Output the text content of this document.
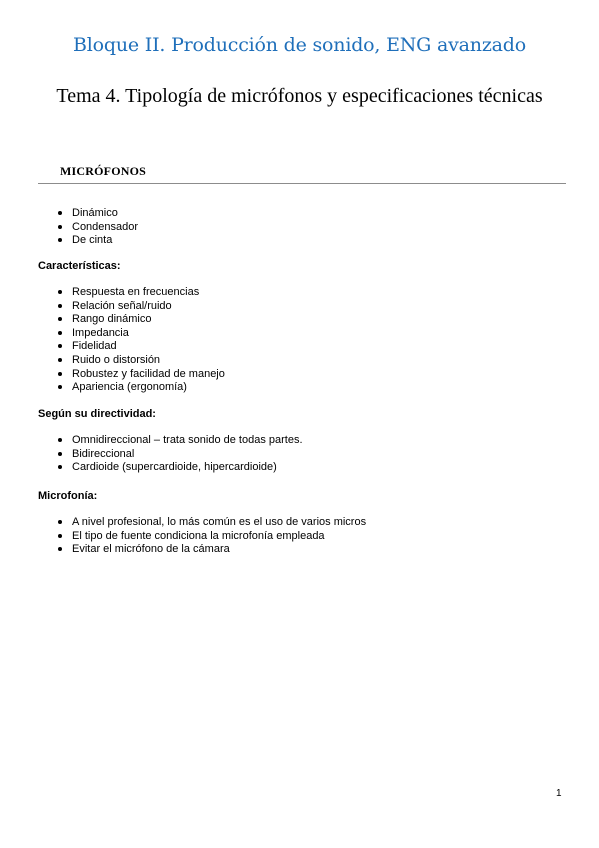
Bloque II. Producción de sonido, ENG avanzado
Tema 4. Tipología de micrófonos y especificaciones técnicas
MICRÓFONOS
Dinámico
Condensador
De cinta

Características:

Respuesta en frecuencias
Relación señal/ruido
Rango dinámico
Impedancia
Fidelidad
Ruido o distorsión
Robustez y facilidad de manejo
Apariencia (ergonomía)

Según su directividad:

Omnidireccional – trata sonido de todas partes.
Bidireccional
Cardioide (supercardioide, hipercardioide)

Microfonía:

A nivel profesional, lo más común es el uso de varios micros
El tipo de fuente condiciona la microfonía empleada
Evitar el micrófono de la cámara
1
